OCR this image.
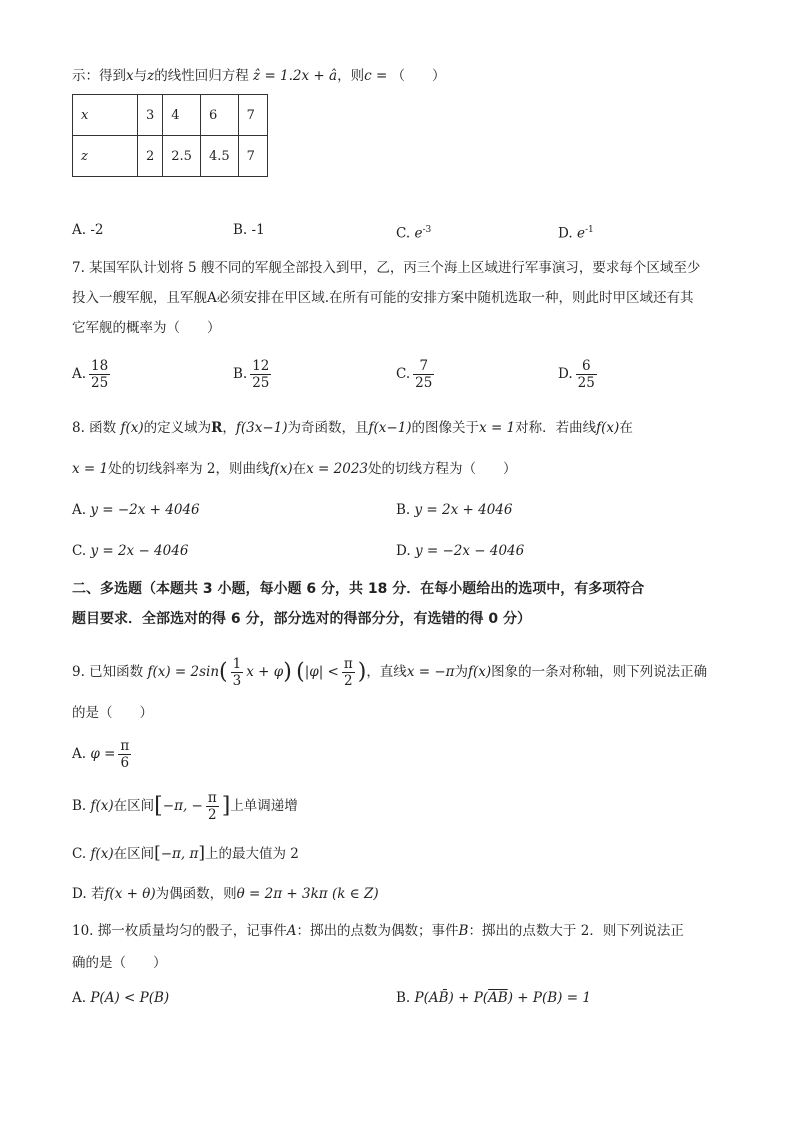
示：得到x与z的线性回归方程 ẑ = 1.2x + â，则c = （　　）
x	3	4	6	7
z	2	2.5	4.5	7
A. -2	B. -1	C. $e^{-3}$	D. $e^{-1}$
7. 某国军队计划将 5 艘不同的军舰全部投入到甲，乙，丙三个海上区域进行军事演习，要求每个区域至少
投入一艘军舰，且军舰A必须安排在甲区域.在所有可能的安排方案中随机选取一种，则此时甲区域还有其
它军舰的概率为（　　）
A. $\frac{18}{25}$	B. $\frac{12}{25}$	C. $\frac{7}{25}$	D. $\frac{6}{25}$
8. 函数 f(x)的定义域为R，f(3x−1)为奇函数，且f(x−1)的图像关于x = 1对称．若曲线f(x)在
x = 1处的切线斜率为 2，则曲线f(x)在x = 2023处的切线方程为（　　）
A. y = −2x + 4046	B. y = 2x + 4046
C. y = 2x − 4046	D. y = −2x − 4046
二、多选题（本题共 3 小题，每小题 6 分，共 18 分．在每小题给出的选项中，有多项符合
题目要求．全部选对的得 6 分，部分选对的得部分分，有选错的得 0 分）
9. 已知函数 $f(x) = 2\sin( \frac{1}{3}$ x + φ) ($|\varphi| < \frac{\pi}{2}$ )，直线x = −π为f(x)图象的一条对称轴，则下列说法正确
的是（　　）
A. $\varphi = \frac{\pi}{6}$
B. f(x)在区间[−π, − $\frac{\pi}{2}$ ]上单调递增
C. f(x)在区间[−π, π]上的最大值为 2
D. 若f(x + θ)为偶函数，则θ = 2π + 3kπ (k ∈ Z)
10. 掷一枚质量均匀的骰子，记事件A：掷出的点数为偶数；事件B：掷出的点数大于 2．则下列说法正
确的是（　　）
A. P(A) < P(B)	B. P(AB̄) + $P(\overline{AB}) + P(B) = 1$
